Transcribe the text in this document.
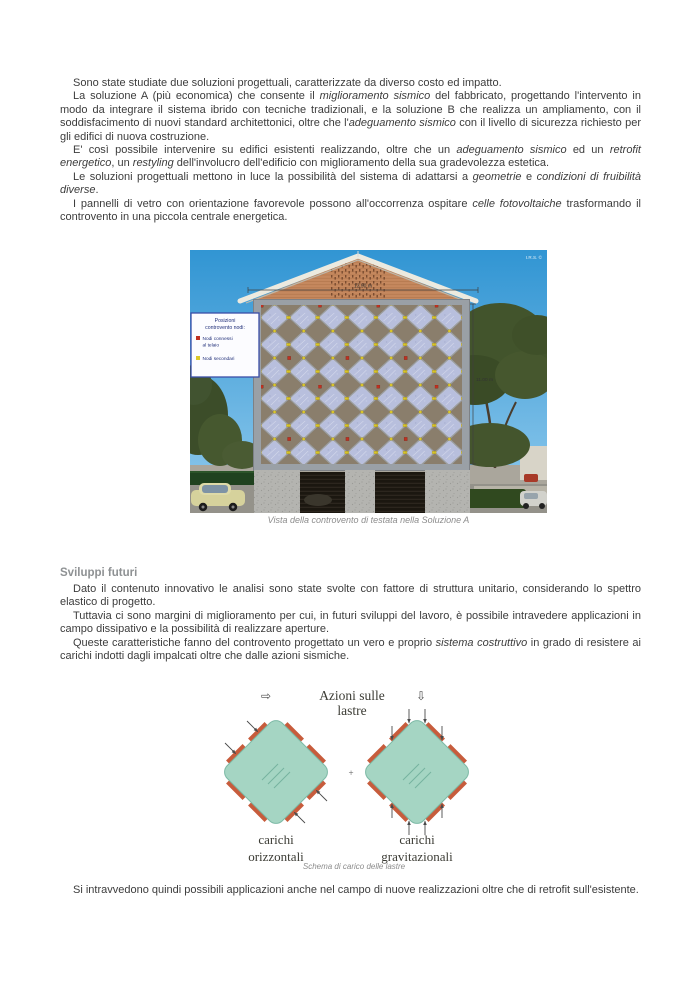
Sono state studiate due soluzioni progettuali, caratterizzate da diverso costo ed impatto.

La soluzione A (più economica) che consente il miglioramento sismico del fabbricato, progettando l'intervento in modo da integrare il sistema ibrido con tecniche tradizionali, e la soluzione B che realizza un ampliamento, con il soddisfacimento di nuovi standard architettonici, oltre che l'adeguamento sismico con il livello di sicurezza richiesto per gli edifici di nuova costruzione.

E' così possibile intervenire su edifici esistenti realizzando, oltre che un adeguamento sismico ed un retrofit energetico, un restyling dell'involucro dell'edificio con miglioramento della sua gradevolezza estetica.

Le soluzioni progettuali mettono in luce la possibilità del sistema di adattarsi a geometrie e condizioni di fruibilità diverse.

I pannelli di vetro con orientazione favorevole possono all'occorrenza ospitare celle fotovoltaiche trasformando il controvento in una piccola centrale energetica.

13.90 m
11.00 m
Posizioni
controvento nodi:
Nodi connessi
al telaio
Nodi secondari
I.R.S. ©
Vista della controvento di testata nella Soluzione A
Sviluppi futuri

Dato il contenuto innovativo le analisi sono state svolte con fattore di struttura unitario, considerando lo spettro elastico di progetto.

Tuttavia ci sono margini di miglioramento per cui, in futuri sviluppi del lavoro, è possibile intravedere applicazioni in campo dissipativo e la possibilità di realizzare aperture.

Queste caratteristiche fanno del controvento progettato un vero e proprio sistema costruttivo in grado di resistere ai carichi indotti dagli impalcati oltre che dalle azioni sismiche.

⇨	Azioni sulle
lastre
⇩
+
carichi
orizzontali
carichi
gravitazionali
Schema di carico delle lastre

Si intravvedono quindi possibili applicazioni anche nel campo di nuove realizzazioni oltre che di retrofit sull'esistente.
